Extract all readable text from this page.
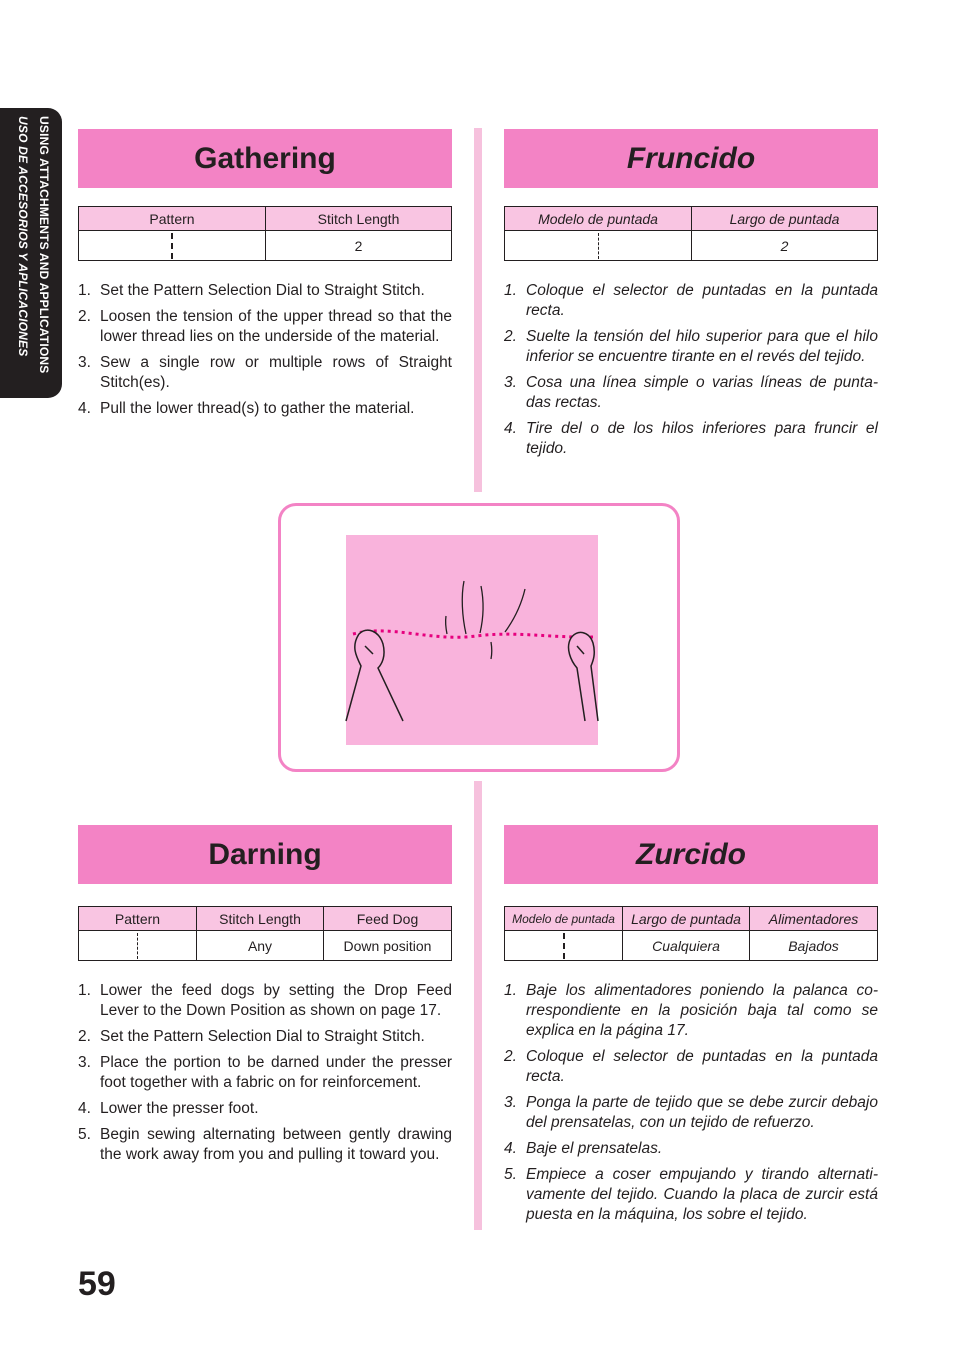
USING ATTACHMENTS AND APPLICATIONS
USO DE ACCESORIOS Y APLICACIONES	Gathering
Pattern	Stitch Length
	2
1. Set the Pattern Selection Dial to Straight Stitch.
2. Loosen the tension of the upper thread so that the lower thread lies on the underside of the material.
3. Sew a single row or multiple rows of Straight Stitch(es).
4. Pull the lower thread(s) to gather the material.
Fruncido
Modelo de puntada	Largo de puntada
	2
1. Coloque el selector de puntadas en la puntada recta.
2. Suelte la tensión del hilo superior para que el hilo inferior se encuentre tirante en el revés del tejido.
3. Cosa una línea simple o varias líneas de punta-das rectas.
4. Tire del o de los hilos inferiores para fruncir el tejido.
Darning
Pattern	Stitch Length	Feed Dog
	Any	Down position
1. Lower the feed dogs by setting the Drop Feed Lever to the Down Position as shown on page 17.
2. Set the Pattern Selection Dial to Straight Stitch.
3. Place the portion to be darned under the presser foot together with a fabric on for reinforcement.
4. Lower the presser foot.
5. Begin sewing alternating between gently drawing the work away from you and pulling it toward you.
Zurcido
Modelo de puntada	Largo de puntada	Alimentadores
	Cualquiera	Bajados
1. Baje los alimentadores poniendo la palanca co-rrespondiente en la posición baja tal como se explica en la página 17.
2. Coloque el selector de puntadas en la puntada recta.
3. Ponga la parte de tejido que se debe zurcir debajo del prensatelas, con un tejido de refuerzo.
4. Baje el prensatelas.
5. Empiece a coser empujando y tirando alternati-vamente del tejido. Cuando la placa de zurcir está puesta en la máquina, los sobre el tejido.
59
